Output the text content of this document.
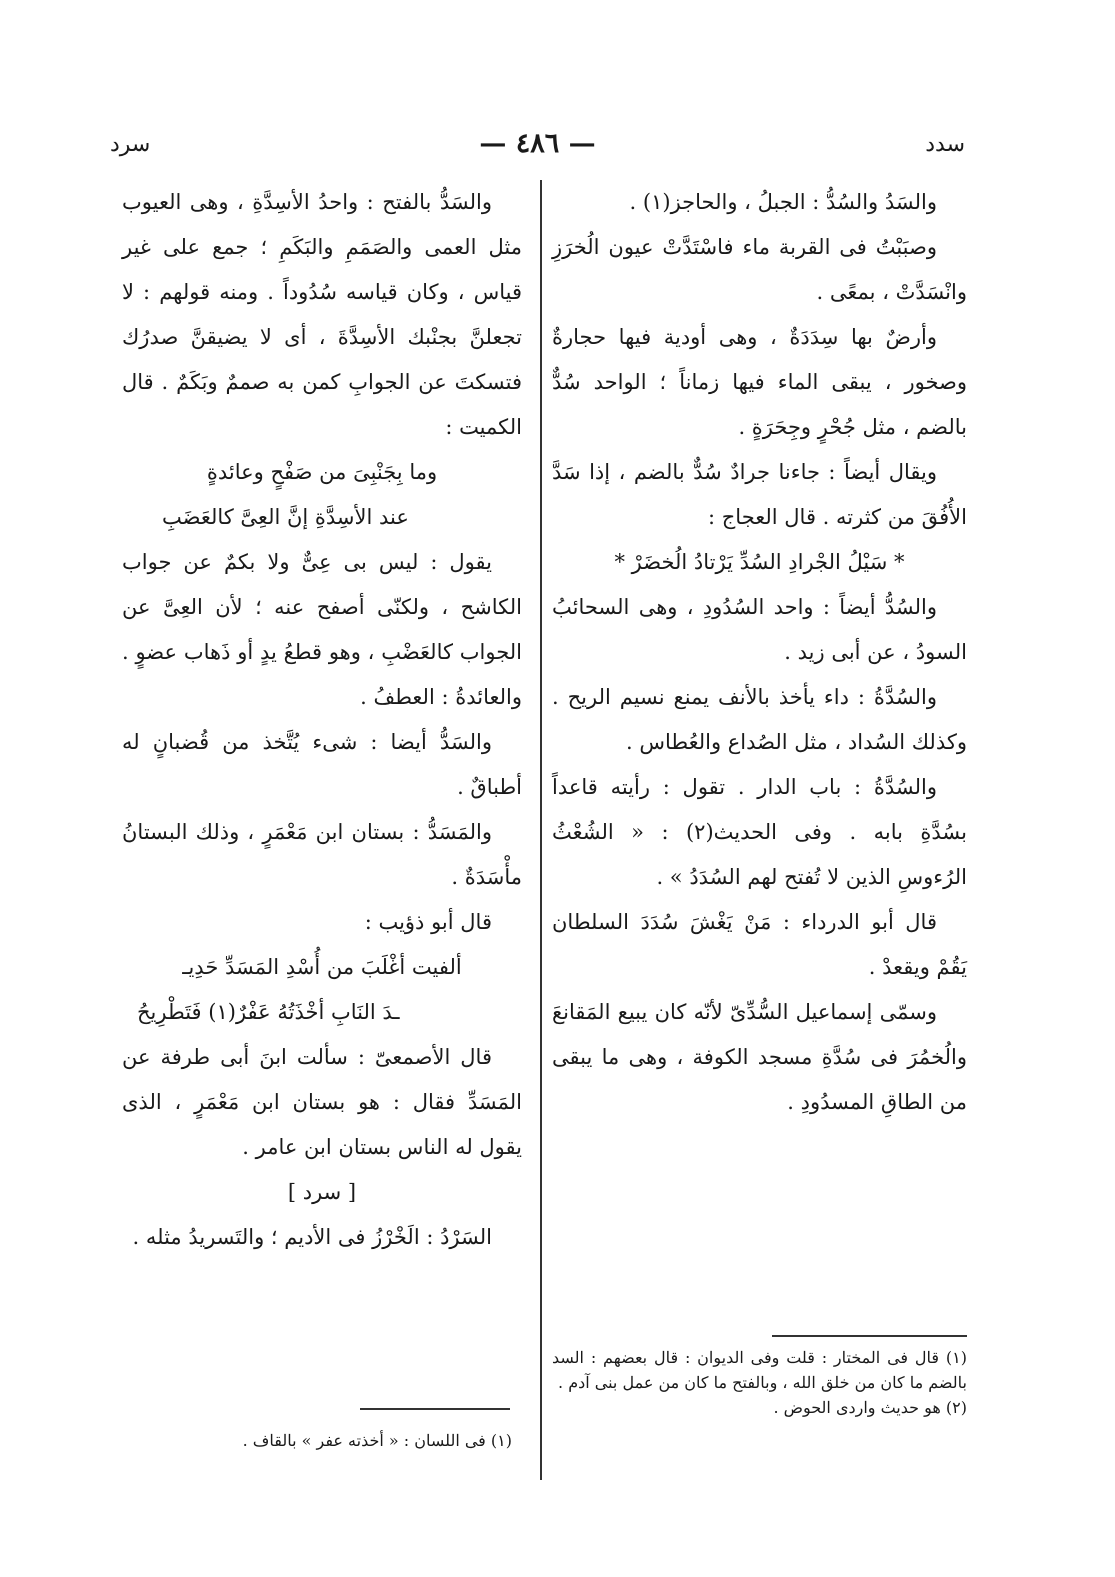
سدد
— ٤٨٦ —
سرد

والسَدُ والسُدُّ : الجبلُ ، والحاجز(١) .

وصبَبْتُ فى القربة ماء فاسْتَدَّتْ عيون الُخرَزِ وانْسَدَّتْ ، بمعًى .

وأرضٌ بها سِدَدَةٌ ، وهى أودية فيها حجارةٌ وصخور ، يبقى الماء فيها زماناً ؛ الواحد سُدٌّ بالضم ، مثل جُحْرٍ وجِحَرَةٍ .

ويقال أيضاً : جاءنا جرادٌ سُدٌّ بالضم ، إذا سَدَّ الأُفُقَ من كثرته . قال العجاج :

* سَيْلُ الجْرادِ السُدِّ يَرْتادُ الُخضَرْ *

والسُدُّ أيضاً : واحد السُدُودِ ، وهى السحائبُ السودُ ، عن أبى زيد .

والسُدَّةُ : داء يأخذ بالأنف يمنع نسيم الريح . وكذلك السُداد ، مثل الصُداع والعُطاس .

والسُدَّةُ : باب الدار . تقول : رأيته قاعداً بسُدَّةِ بابه . وفى الحديث(٢) : « الشُعْثُ الرُءوسِ الذين لا تُفتح لهم السُدَدُ » .

قال أبو الدرداء : مَنْ يَغْشَ سُدَدَ السلطان يَقُمْ ويقعدْ .

وسمّى إسماعيل السُّدِّىّ لأنّه كان يبيع المَقانعَ والُخمُرَ فى سُدَّةِ مسجد الكوفة ، وهى ما يبقى من الطاقِ المسدُودِ .

والسَدُّ بالفتح : واحدُ الأسِدَّةِ ، وهى العيوب مثل العمى والصَمَمِ والبَكَمِ ؛ جمع على غير قياس ، وكان قياسه سُدُوداً . ومنه قولهم : لا تجعلنَّ بجنْبك الأسِدَّةَ ، أى لا يضيقنَّ صدرُك فتسكتَ عن الجوابِ كمن به صممٌ وبَكَمٌ . قال الكميت :

وما بِجَنْبِىَ من صَفْحٍ وعائدةٍ

عند الأسِدَّةِ إنَّ العِىَّ كالعَضَبِ

يقول : ليس بى عِىٌّ ولا بكمٌ عن جواب الكاشح ، ولكنّى أصفح عنه ؛ لأن العِىَّ عن الجواب كالعَضْبِ ، وهو قطعُ يدٍ أو ذَهاب عضوٍ . والعائدةُ : العطفُ .

والسَدُّ أيضا : شىء يُتَّخذ من قُضبانٍ له أطباقٌ .

والمَسَدُّ : بستان ابن مَعْمَرٍ ، وذلك البستانُ مأْسَدَةٌ .

قال أبو ذؤيب :

ألفيت أغْلَبَ من أُسْدِ المَسَدِّ حَدِيـ

ـدَ النَابِ أخْذَتُهُ عَفْرٌ(١) فَتَطْرِيحُ

قال الأصمعىّ : سألت ابنَ أبى طرفة عن المَسَدِّ فقال : هو بستان ابن مَعْمَرٍ ، الذى يقول له الناس بستان ابن عامر .

[ سرد ]

السَرْدُ : الَخْرْزُ فى الأديم ؛ والتَسريدُ مثله .

(١) قال فى المختار : قلت وفى الديوان : قال بعضهم : السد بالضم ما كان من خلق الله ، وبالفتح ما كان من عمل بنى آدم .

(٢) هو حديث واردى الحوض .

(١) فى اللسان : « أخذته عفر » بالقاف .
